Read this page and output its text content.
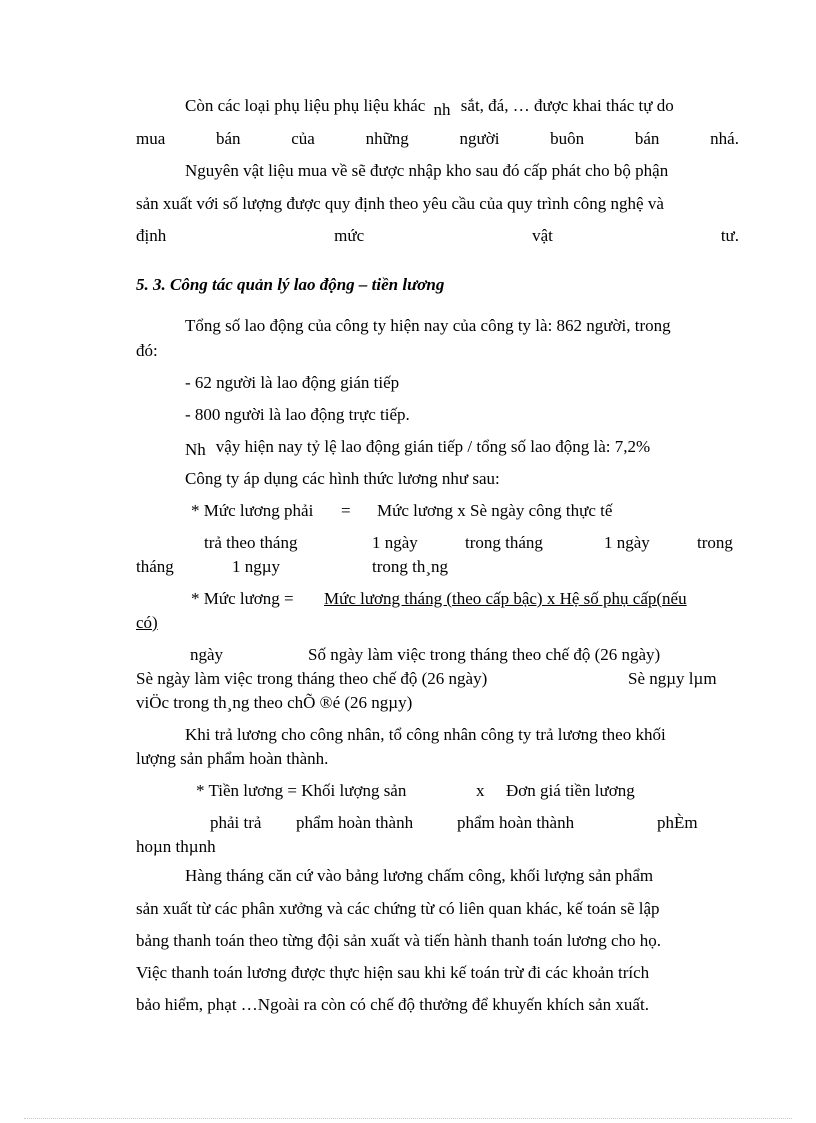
Còn các loại phụ liệu phụ liệu khác nh sắt, đá, … được khai thác tự do
mua	bán	của	những	người	buôn	bán	nhá.
Nguyên vật liệu mua về sẽ được nhập kho sau đó cấp phát cho bộ phận
sản xuất với số lượng được quy định theo yêu cầu của quy trình công nghệ và
định	mức	vật	tư.
5. 3. Công tác quản lý lao động – tiền lương
Tổng số lao động của công ty hiện nay của công ty là: 862 người, trong
đó:
- 62 người là lao động gián tiếp
- 800 người là lao động trực tiếp.
Nh vậy hiện nay tỷ lệ lao động gián tiếp / tổng số lao động là: 7,2%
Công ty áp dụng các hình thức lương như sau:
* Mức lương phải = Mức lương x Sè ngày công thực tế
trả theo tháng	1 ngày	trong tháng	1 ngày	trong
tháng	1 ngµy	trong th¸ng
* Mức lương = Mức lương tháng (theo cấp bậc) x Hệ số phụ cấp(nếu
có)
ngày	Số ngày làm việc trong tháng theo chế độ (26 ngày)
Sè ngày làm việc trong tháng theo chế độ (26 ngày)	Sè ngµy lµm
viÖc trong th¸ng theo chÕ ®é (26 ngµy)
Khi trả lương cho công nhân, tổ công nhân công ty trả lương theo khối
lượng sản phẩm hoàn thành.
* Tiền lương = Khối lượng sản	x Đơn giá tiền lương
phải trả phẩm hoàn thành	phẩm hoàn thành	phÈm
hoµn thµnh
Hàng tháng căn cứ vào bảng lương chấm công, khối lượng sản phẩm
sản xuất từ các phân xưởng và các chứng từ có liên quan khác, kế toán sẽ lập
bảng thanh toán theo từng đội sản xuất và tiến hành thanh toán lương cho họ.
Việc thanh toán lương được thực hiện sau khi kế toán trừ đi các khoản trích
bảo hiểm, phạt …Ngoài ra còn có chế độ thưởng để khuyến khích sản xuất.
